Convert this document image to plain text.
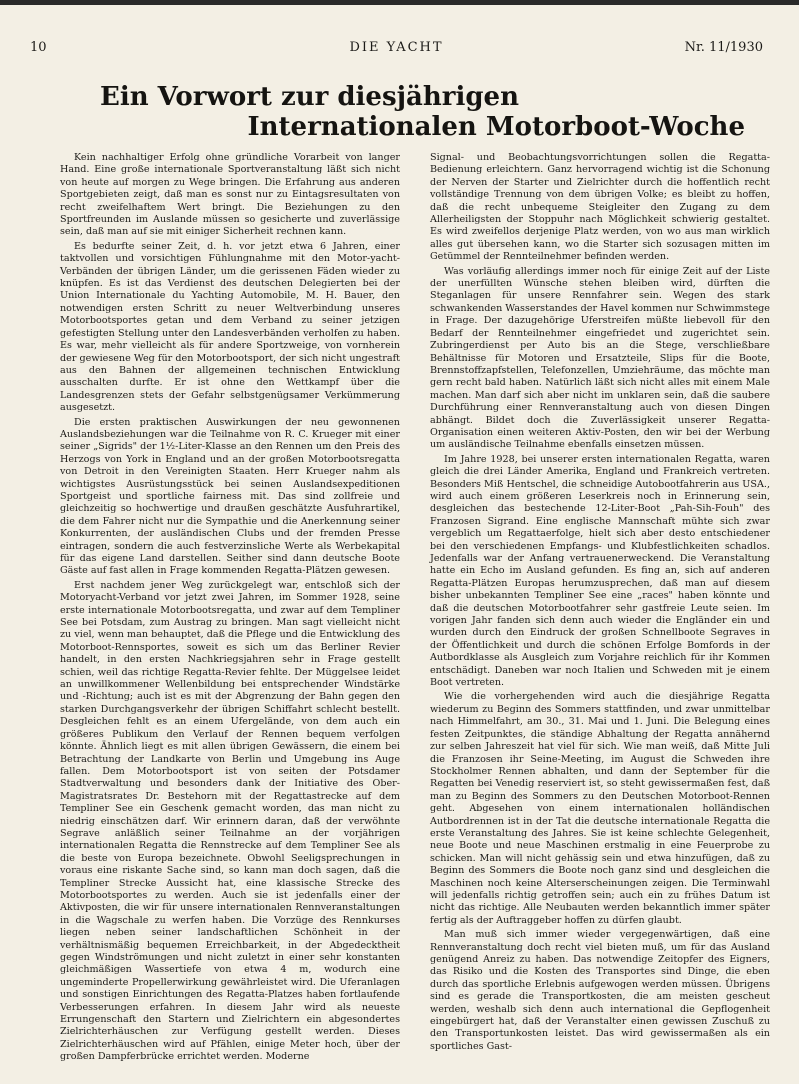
10	DIE YACHT	Nr. 11/1930
Ein Vorwort zur diesjährigen
Internationalen Motorboot-Woche

Kein nachhaltiger Erfolg ohne gründliche Vorarbeit von langer Hand. Eine große internationale Sportveranstaltung läßt sich nicht von heute auf morgen zu Wege bringen. Die Erfahrung aus anderen Sportgebieten zeigt, daß man es sonst nur zu Eintagsresultaten von recht zweifelhaftem Wert bringt. Die Beziehungen zu den Sportfreunden im Auslande müssen so gesicherte und zuverlässige sein, daß man auf sie mit einiger Sicherheit rechnen kann.

Es bedurfte seiner Zeit, d. h. vor jetzt etwa 6 Jahren, einer taktvollen und vorsichtigen Fühlungnahme mit den Motor-yacht-Verbänden der übrigen Länder, um die gerissenen Fäden wieder zu knüpfen. Es ist das Verdienst des deutschen Delegierten bei der Union Internationale du Yachting Automobile, M. H. Bauer, den notwendigen ersten Schritt zu neuer Weltverbindung unseres Motorbootsportes getan und dem Verband zu seiner jetzigen gefestigten Stellung unter den Landesverbänden verholfen zu haben. Es war, mehr vielleicht als für andere Sportzweige, von vornherein der gewiesene Weg für den Motorbootsport, der sich nicht ungestraft aus den Bahnen der allgemeinen technischen Entwicklung ausschalten durfte. Er ist ohne den Wettkampf über die Landesgrenzen stets der Gefahr selbstgenügsamer Verkümmerung ausgesetzt.

Die ersten praktischen Auswirkungen der neu gewonnenen Auslandsbeziehungen war die Teilnahme von R. C. Krueger mit einer seiner „Sigrids" der 1½-Liter-Klasse an den Rennen um den Preis des Herzogs von York in England und an der großen Motorbootsregatta von Detroit in den Vereinigten Staaten. Herr Krueger nahm als wichtigstes Ausrüstungsstück bei seinen Auslandsexpeditionen Sportgeist und sportliche fairness mit. Das sind zollfreie und gleichzeitig so hochwertige und draußen geschätzte Ausfuhrartikel, die dem Fahrer nicht nur die Sympathie und die Anerkennung seiner Konkurrenten, der ausländischen Clubs und der fremden Presse eintragen, sondern die auch festverzinsliche Werte als Werbekapital für das eigene Land darstellen. Seither sind dann deutsche Boote Gäste auf fast allen in Frage kommenden Regatta-Plätzen gewesen.

Erst nachdem jener Weg zurückgelegt war, entschloß sich der Motoryacht-Verband vor jetzt zwei Jahren, im Sommer 1928, seine erste internationale Motorbootsregatta, und zwar auf dem Templiner See bei Potsdam, zum Austrag zu bringen. Man sagt vielleicht nicht zu viel, wenn man behauptet, daß die Pflege und die Entwicklung des Motorboot-Rennsportes, soweit es sich um das Berliner Revier handelt, in den ersten Nachkriegsjahren sehr in Frage gestellt schien, weil das richtige Regatta-Revier fehlte. Der Müggelsee leidet an unwillkommener Wellenbildung bei entsprechender Windstärke und -Richtung; auch ist es mit der Abgrenzung der Bahn gegen den starken Durchgangsverkehr der übrigen Schiffahrt schlecht bestellt. Desgleichen fehlt es an einem Ufergelände, von dem auch ein größeres Publikum den Verlauf der Rennen bequem verfolgen könnte. Ähnlich liegt es mit allen übrigen Gewässern, die einem bei Betrachtung der Landkarte von Berlin und Umgebung ins Auge fallen. Dem Motorbootsport ist von seiten der Potsdamer Stadtverwaltung und besonders dank der Initiative des Ober-Magistratsrates Dr. Bestehorn mit der Regattastrecke auf dem Templiner See ein Geschenk gemacht worden, das man nicht zu niedrig einschätzen darf. Wir erinnern daran, daß der verwöhnte Segrave anläßlich seiner Teilnahme an der vorjährigen internationalen Regatta die Rennstrecke auf dem Templiner See als die beste von Europa bezeichnete. Obwohl Seeligsprechungen in voraus eine riskante Sache sind, so kann man doch sagen, daß die Templiner Strecke Aussicht hat, eine klassische Strecke des Motorbootsportes zu werden. Auch sie ist jedenfalls einer der Aktivposten, die wir für unsere internationalen Rennveranstaltungen in die Wagschale zu werfen haben. Die Vorzüge des Rennkurses liegen neben seiner landschaftlichen Schönheit in der verhältnismäßig bequemen Erreichbarkeit, in der Abgedecktheit gegen Windströmungen und nicht zuletzt in einer sehr konstanten gleichmäßigen Wassertiefe von etwa 4 m, wodurch eine ungeminderte Propellerwirkung gewährleistet wird. Die Uferanlagen und sonstigen Einrichtungen des Regatta-Platzes haben fortlaufende Verbesserungen erfahren. In diesem Jahr wird als neueste Errungenschaft den Startern und Zielrichtern ein abgesondertes Zielrichterhäuschen zur Verfügung gestellt werden. Dieses Zielrichterhäuschen wird auf Pfählen, einige Meter hoch, über der großen Dampferbrücke errichtet werden. Moderne

Signal- und Beobachtungsvorrichtungen sollen die Regatta-Bedienung erleichtern. Ganz hervorragend wichtig ist die Schonung der Nerven der Starter und Zielrichter durch die hoffentlich recht vollständige Trennung von dem übrigen Volke; es bleibt zu hoffen, daß die recht unbequeme Steigleiter den Zugang zu dem Allerheiligsten der Stoppuhr nach Möglichkeit schwierig gestaltet. Es wird zweifellos derjenige Platz werden, von wo aus man wirklich alles gut übersehen kann, wo die Starter sich sozusagen mitten im Getümmel der Rennteilnehmer befinden werden.

Was vorläufig allerdings immer noch für einige Zeit auf der Liste der unerfüllten Wünsche stehen bleiben wird, dürften die Steganlagen für unsere Rennfahrer sein. Wegen des stark schwankenden Wasserstandes der Havel kommen nur Schwimmstege in Frage. Der dazugehörige Uferstreifen müßte liebevoll für den Bedarf der Rennteilnehmer eingefriedet und zugerichtet sein. Zubringerdienst per Auto bis an die Stege, verschließbare Behältnisse für Motoren und Ersatzteile, Slips für die Boote, Brennstoffzapfstellen, Telefonzellen, Umziehräume, das möchte man gern recht bald haben. Natürlich läßt sich nicht alles mit einem Male machen. Man darf sich aber nicht im unklaren sein, daß die saubere Durchführung einer Rennveranstaltung auch von diesen Dingen abhängt. Bildet doch die Zuverlässigkeit unserer Regatta-Organisation einen weiteren Aktiv-Posten, den wir bei der Werbung um ausländische Teilnahme ebenfalls einsetzen müssen.

Im Jahre 1928, bei unserer ersten internationalen Regatta, waren gleich die drei Länder Amerika, England und Frankreich vertreten. Besonders Miß Hentschel, die schneidige Autobootfahrerin aus USA., wird auch einem größeren Leserkreis noch in Erinnerung sein, desgleichen das bestechende 12-Liter-Boot „Pah-Sih-Fouh" des Franzosen Sigrand. Eine englische Mannschaft mühte sich zwar vergeblich um Regattaerfolge, hielt sich aber desto entschiedener bei den verschiedenen Empfangs- und Klubfestlichkeiten schadlos. Jedenfalls war der Anfang vertrauenerweckend. Die Veranstaltung hatte ein Echo im Ausland gefunden. Es fing an, sich auf anderen Regatta-Plätzen Europas herumzusprechen, daß man auf diesem bisher unbekannten Templiner See eine „races" haben könnte und daß die deutschen Motorbootfahrer sehr gastfreie Leute seien. Im vorigen Jahr fanden sich denn auch wieder die Engländer ein und wurden durch den Eindruck der großen Schnellboote Segraves in der Öffentlichkeit und durch die schönen Erfolge Bomfords in der Autbordklasse als Ausgleich zum Vorjahre reichlich für ihr Kommen entschädigt. Daneben war noch Italien und Schweden mit je einem Boot vertreten.

Wie die vorhergehenden wird auch die diesjährige Regatta wiederum zu Beginn des Sommers stattfinden, und zwar unmittelbar nach Himmelfahrt, am 30., 31. Mai und 1. Juni. Die Belegung eines festen Zeitpunktes, die ständige Abhaltung der Regatta annähernd zur selben Jahreszeit hat viel für sich. Wie man weiß, daß Mitte Juli die Franzosen ihr Seine-Meeting, im August die Schweden ihre Stockholmer Rennen abhalten, und dann der September für die Regatten bei Venedig reserviert ist, so steht gewissermaßen fest, daß man zu Beginn des Sommers zu den Deutschen Motorboot-Rennen geht. Abgesehen von einem internationalen holländischen Autbordrennen ist in der Tat die deutsche internationale Regatta die erste Veranstaltung des Jahres. Sie ist keine schlechte Gelegenheit, neue Boote und neue Maschinen erstmalig in eine Feuerprobe zu schicken. Man will nicht gehässig sein und etwa hinzufügen, daß zu Beginn des Sommers die Boote noch ganz sind und desgleichen die Maschinen noch keine Alterserscheinungen zeigen. Die Terminwahl will jedenfalls richtig getroffen sein; auch ein zu frühes Datum ist nicht das richtige. Alle Neubauten werden bekanntlich immer später fertig als der Auftraggeber hoffen zu dürfen glaubt.

Man muß sich immer wieder vergegenwärtigen, daß eine Rennveranstaltung doch recht viel bieten muß, um für das Ausland genügend Anreiz zu haben. Das notwendige Zeitopfer des Eigners, das Risiko und die Kosten des Transportes sind Dinge, die eben durch das sportliche Erlebnis aufgewogen werden müssen. Übrigens sind es gerade die Transportkosten, die am meisten gescheut werden, weshalb sich denn auch international die Gepflogenheit eingebürgert hat, daß der Veranstalter einen gewissen Zuschuß zu den Transportunkosten leistet. Das wird gewissermaßen als ein sportliches Gast-
